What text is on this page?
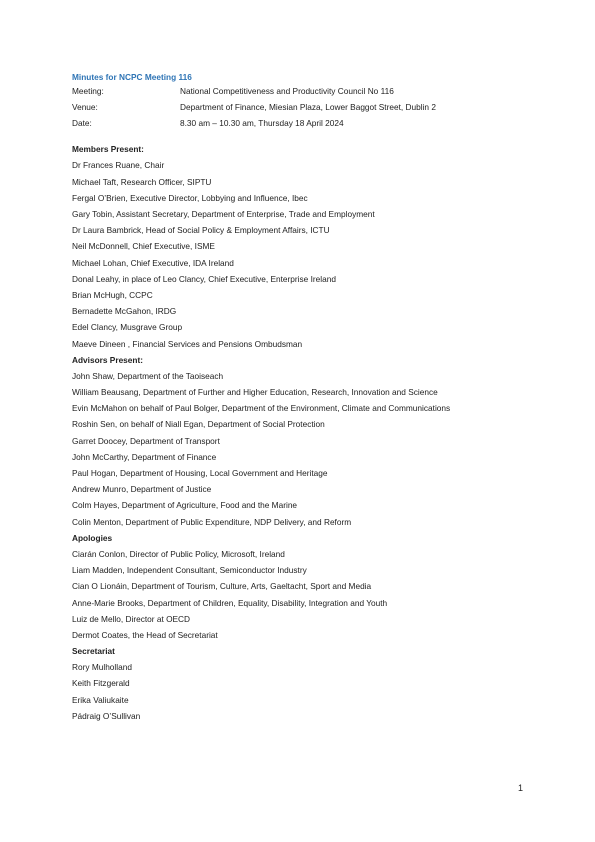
Minutes for NCPC Meeting 116
Meeting:	National Competitiveness and Productivity Council No 116
Venue:	Department of Finance, Miesian Plaza, Lower Baggot Street, Dublin 2
Date:	8.30 am – 10.30 am, Thursday 18 April 2024
Members Present:
Dr Frances Ruane, Chair
Michael Taft, Research Officer, SIPTU
Fergal O’Brien, Executive Director, Lobbying and Influence, Ibec
Gary Tobin, Assistant Secretary, Department of Enterprise, Trade and Employment
Dr Laura Bambrick, Head of Social Policy & Employment Affairs, ICTU
Neil McDonnell, Chief Executive, ISME
Michael Lohan, Chief Executive, IDA Ireland
Donal Leahy, in place of Leo Clancy, Chief Executive, Enterprise Ireland
Brian McHugh, CCPC
Bernadette McGahon, IRDG
Edel Clancy, Musgrave Group
Maeve Dineen , Financial Services and Pensions Ombudsman
Advisors Present:
John Shaw, Department of the Taoiseach
William Beausang, Department of Further and Higher Education, Research, Innovation and Science
Evin McMahon on behalf of Paul Bolger, Department of the Environment, Climate and Communications
Roshin Sen, on behalf of Niall Egan, Department of Social Protection
Garret Doocey, Department of Transport
John McCarthy, Department of Finance
Paul Hogan, Department of Housing, Local Government and Heritage
Andrew Munro, Department of Justice
Colm Hayes, Department of Agriculture, Food and the Marine
Colin Menton, Department of Public Expenditure, NDP Delivery, and Reform
Apologies
Ciarán Conlon, Director of Public Policy, Microsoft, Ireland
Liam Madden, Independent Consultant, Semiconductor Industry
Cian O Lionáin, Department of Tourism, Culture, Arts, Gaeltacht, Sport and Media
Anne-Marie Brooks, Department of Children, Equality, Disability, Integration and Youth
Luiz de Mello, Director at OECD
Dermot Coates, the Head of Secretariat
Secretariat
Rory Mulholland
Keith Fitzgerald
Erika Valiukaite
Pádraig O’Sullivan
1
